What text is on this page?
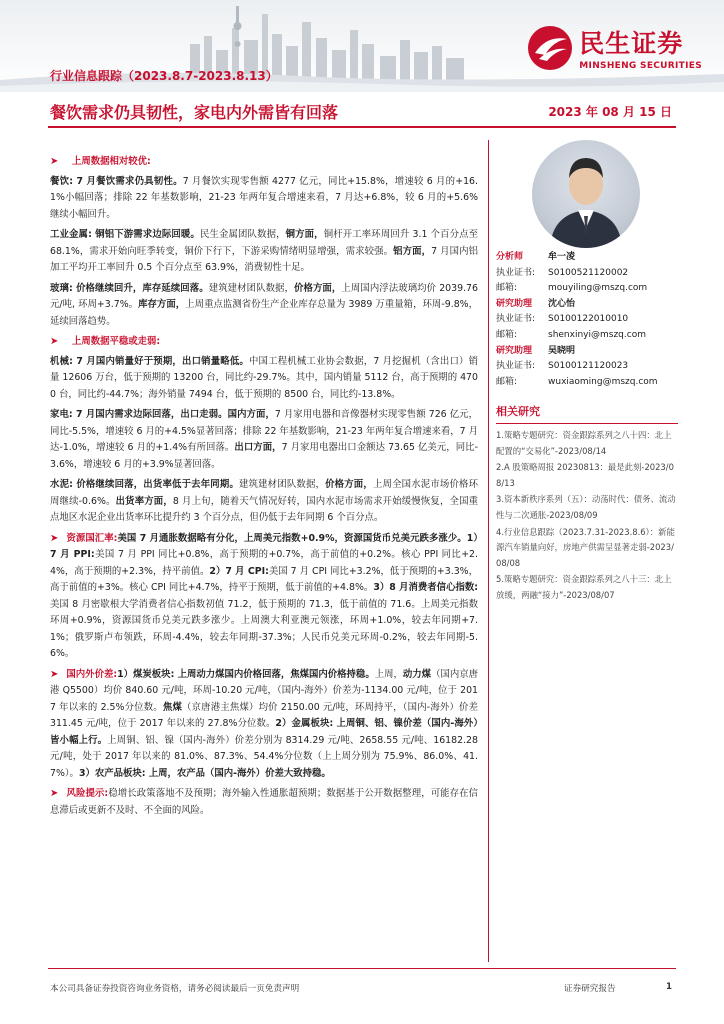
民生证券
MINSHENG SECURITIES
行业信息跟踪（2023.8.7-2023.8.13）
餐饮需求仍具韧性，家电内外需皆有回落	2023 年 08 月 15 日
➤	上周数据相对较优:
餐饮: 7 月餐饮需求仍具韧性。7 月餐饮实现零售额 4277 亿元，同比+15.8%，增速较 6 月的+16.1%小幅回落；排除 22 年基数影响，21-23 年两年复合增速来看，7 月达+6.8%，较 6 月的+5.6%继续小幅回升。
工业金属: 铜铝下游需求边际回暖。民生金属团队数据，铜方面，铜杆开工率环周回升 3.1 个百分点至 68.1%，需求开始向旺季转变，铜价下行下，下游采购情绪明显增强，需求较强。铝方面，7 月国内铝加工平均开工率回升 0.5 个百分点至 63.9%，消费韧性十足。
玻璃: 价格继续回升，库存延续回落。建筑建材团队数据，价格方面，上周国内浮法玻璃均价 2039.76 元/吨, 环周+3.7%。库存方面，上周重点监测省份生产企业库存总量为 3989 万重量箱，环周-9.8%，延续回落趋势。
➤	上周数据平稳或走弱:
机械: 7 月国内销量好于预期，出口销量略低。中国工程机械工业协会数据，7 月挖掘机（含出口）销量 12606 万台，低于预期的 13200 台，同比约-29.7%。其中，国内销量 5112 台，高于预期的 4700 台，同比约-44.7%；海外销量 7494 台，低于预期的 8500 台，同比约-13.8%。
家电: 7 月国内需求边际回落，出口走弱。国内方面，7 月家用电器和音像器材实现零售额 726 亿元，同比-5.5%，增速较 6 月的+4.5%显著回落；排除 22 年基数影响，21-23 年两年复合增速来看，7 月达-1.0%，增速较 6 月的+1.4%有所回落。出口方面，7 月家用电器出口金额达 73.65 亿美元，同比-3.6%，增速较 6 月的+3.9%显著回落。
水泥: 价格继续回落，出货率低于去年同期。建筑建材团队数据，价格方面，上周全国水泥市场价格环周继续-0.6%。出货率方面，8 月上旬，随着天气情况好转，国内水泥市场需求开始缓慢恢复，全国重点地区水泥企业出货率环比提升约 3 个百分点，但仍低于去年同期 6 个百分点。
➤ 资源国汇率:美国 7 月通胀数据略有分化，上周美元指数+0.9%，资源国货币兑美元跌多涨少。1）7 月 PPI:美国 7 月 PPI 同比+0.8%，高于预期的+0.7%，高于前值的+0.2%。核心 PPI 同比+2.4%，高于预期的+2.3%，持平前值。2）7 月 CPI:美国 7 月 CPI 同比+3.2%，低于预期的+3.3%，高于前值的+3%。核心 CPI 同比+4.7%，持平于预期，低于前值的+4.8%。3）8 月消费者信心指数:美国 8 月密歇根大学消费者信心指数初值 71.2，低于预期的 71.3，低于前值的 71.6。上周美元指数环周+0.9%，资源国货币兑美元跌多涨少。上周澳大利亚澳元领涨，环周+1.0%，较去年同期+7.1%；俄罗斯卢布领跌，环周-4.4%，较去年同期-37.3%；人民币兑美元环周-0.2%，较去年同期-5.6%。
➤ 国内外价差:1）煤炭板块: 上周动力煤国内价格回落，焦煤国内价格持稳。上周，动力煤（国内京唐港 Q5500）均价 840.60 元/吨，环周-10.20 元/吨，（国内-海外）价差为-1134.00 元/吨，位于 2017 年以来的 2.5%分位数。焦煤（京唐港主焦煤）均价 2150.00 元/吨，环周持平，（国内-海外）价差 311.45 元/吨，位于 2017 年以来的 27.8%分位数。2）金属板块: 上周铜、铝、镍价差（国内-海外）皆小幅上行。上周铜、铝、镍（国内-海外）价差分别为 8314.29 元/吨、2658.55 元/吨、16182.28 元/吨，处于 2017 年以来的 81.0%、87.3%、54.4%分位数（上上周分别为 75.9%、86.0%、41.7%）。3）农产品板块: 上周，农产品（国内-海外）价差大致持稳。
➤ 风险提示:稳增长政策落地不及预期；海外输入性通胀超预期；数据基于公开数据整理，可能存在信息滞后或更新不及时、不全面的风险。
分析师	牟一凌
执业证书:	S0100521120002
邮箱:	mouyiling@mszq.com
研究助理	沈心怡
执业证书:	S0100122010010
邮箱:	shenxinyi@mszq.com
研究助理	吴晓明
执业证书:	S0100121120023
邮箱:	wuxiaoming@mszq.com
相关研究
1.策略专题研究：资金跟踪系列之八十四：北上配置的“交易化”-2023/08/14
2.A 股策略周报 20230813：最是此刻-2023/08/13
3.资本新秩序系列（五）：动荡时代：债务、流动性与二次通胀-2023/08/09
4.行业信息跟踪（2023.7.31-2023.8.6）：新能源汽车销量向好，房地产供需呈显著走弱-2023/08/08
5.策略专题研究：资金跟踪系列之八十三：北上放缓，两融“接力”-2023/08/07
本公司具备证券投资咨询业务资格，请务必阅读最后一页免责声明	证券研究报告	1
